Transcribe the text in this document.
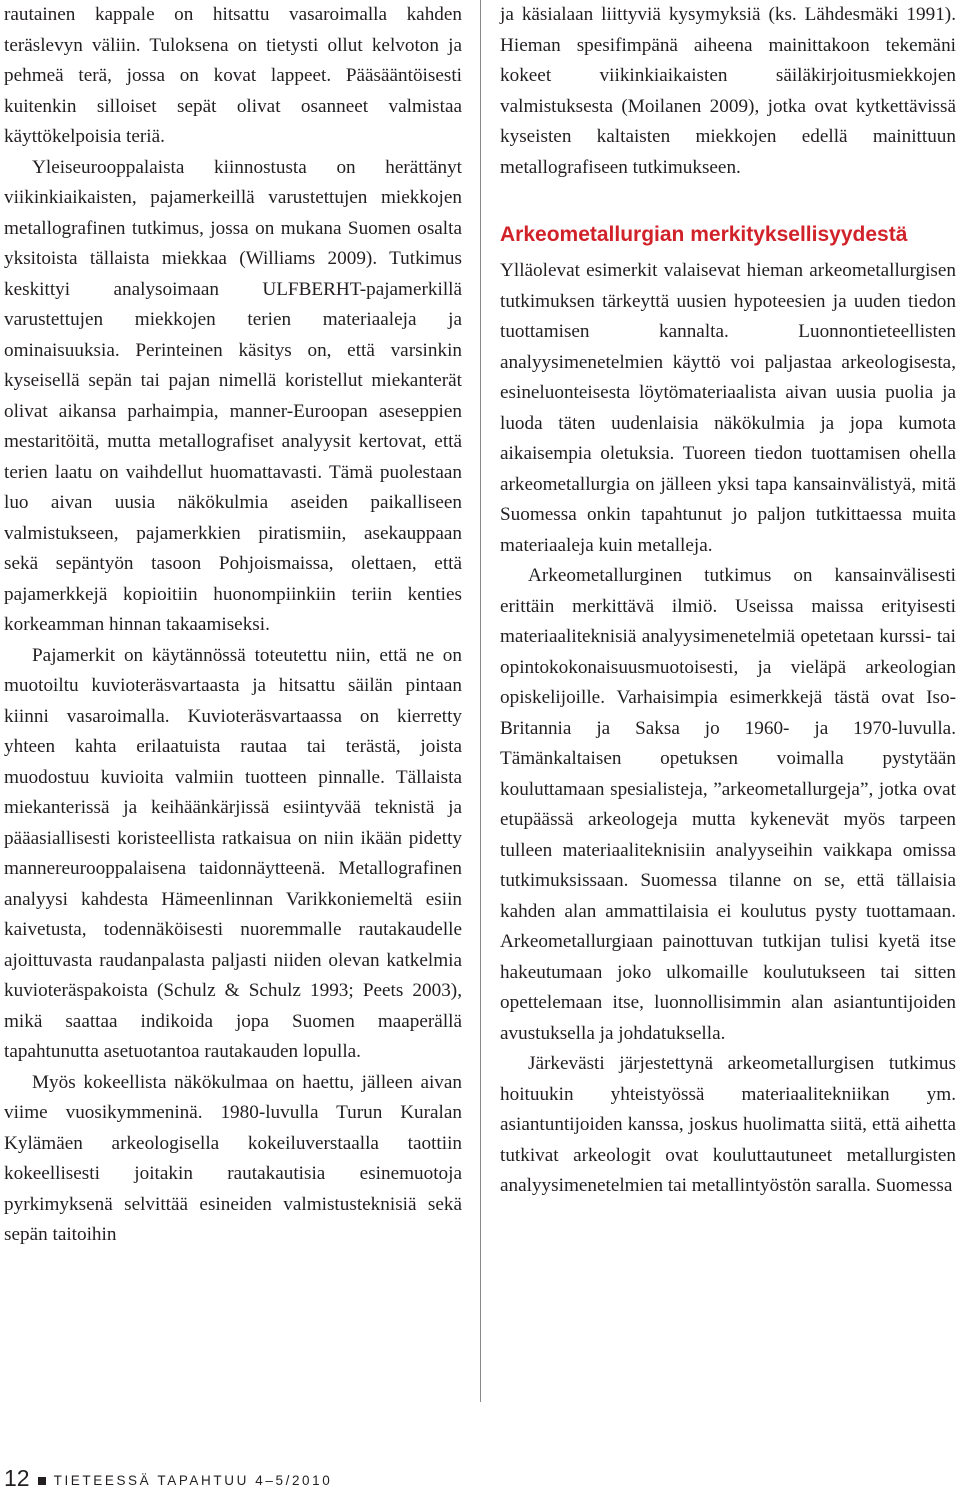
rautainen kappale on hitsattu vasaroimalla kahden teräslevyn väliin. Tuloksena on tietysti ollut kelvoton ja pehmeä terä, jossa on kovat lappeet. Pääsääntöisesti kuitenkin silloiset sepät olivat osanneet valmistaa käyttökelpoisia teriä.

Yleiseurooppalaista kiinnostusta on herättänyt viikinkiaikaisten, pajamerkeillä varustettujen miekkojen metallografinen tutkimus, jossa on mukana Suomen osalta yksitoista tällaista miekkaa (Williams 2009). Tutkimus keskittyi analysoimaan ULFBERHT-pajamerkillä varustettujen miekkojen terien materiaaleja ja ominaisuuksia. Perinteinen käsitys on, että varsinkin kyseisellä sepän tai pajan nimellä koristellut miekanterät olivat aikansa parhaimpia, manner-Euroopan aseseppien mestaritöitä, mutta metallografiset analyysit kertovat, että terien laatu on vaihdellut huomattavasti. Tämä puolestaan luo aivan uusia näkökulmia aseiden paikalliseen valmistukseen, pajamerkkien piratismiin, asekauppaan sekä sepäntyön tasoon Pohjoismaissa, olettaen, että pajamerkkejä kopioitiin huonompiinkiin teriin kenties korkeamman hinnan takaamiseksi.

Pajamerkit on käytännössä toteutettu niin, että ne on muotoiltu kuvioteräsvartaasta ja hitsattu säilän pintaan kiinni vasaroimalla. Kuvioteräsvartaassa on kierretty yhteen kahta erilaatuista rautaa tai terästä, joista muodostuu kuvioita valmiin tuotteen pinnalle. Tällaista miekanterissä ja keihäänkärjissä esiintyvää teknistä ja pääasiallisesti koristeellista ratkaisua on niin ikään pidetty mannereurooppalaisena taidonnäytteenä. Metallografinen analyysi kahdesta Hämeenlinnan Varikkoniemeltä esiin kaivetusta, todennäköisesti nuoremmalle rautakaudelle ajoittuvasta raudanpalasta paljasti niiden olevan katkelmia kuvioteräspakoista (Schulz & Schulz 1993; Peets 2003), mikä saattaa indikoida jopa Suomen maaperällä tapahtunutta asetuotantoa rautakauden lopulla.

Myös kokeellista näkökulmaa on haettu, jälleen aivan viime vuosikymmeninä. 1980-luvulla Turun Kuralan Kylämäen arkeologisella kokeiluverstaalla taottiin kokeellisesti joitakin rautakautisia esinemuotoja pyrkimyksenä selvittää esineiden valmistusteknisiä sekä sepän taitoihin

ja käsialaan liittyviä kysymyksiä (ks. Lähdesmäki 1991). Hieman spesifimpänä aiheena mainittakoon tekemäni kokeet viikinkiaikaisten säiläkirjoitusmiekkojen valmistuksesta (Moilanen 2009), jotka ovat kytkettävissä kyseisten kaltaisten miekkojen edellä mainittuun metallografiseen tutkimukseen.

Arkeometallurgian merkityksellisyydestä

Ylläolevat esimerkit valaisevat hieman arkeometallurgisen tutkimuksen tärkeyttä uusien hypoteesien ja uuden tiedon tuottamisen kannalta. Luonnontieteellisten analyysimenetelmien käyttö voi paljastaa arkeologisesta, esineluonteisesta löytömateriaalista aivan uusia puolia ja luoda täten uudenlaisia näkökulmia ja jopa kumota aikaisempia oletuksia. Tuoreen tiedon tuottamisen ohella arkeometallurgia on jälleen yksi tapa kansainvälistyä, mitä Suomessa onkin tapahtunut jo paljon tutkittaessa muita materiaaleja kuin metalleja.

Arkeometallurginen tutkimus on kansainvälisesti erittäin merkittävä ilmiö. Useissa maissa erityisesti materiaaliteknisiä analyysimenetelmiä opetetaan kurssi- tai opintokokonaisuusmuotoisesti, ja vieläpä arkeologian opiskelijoille. Varhaisimpia esimerkkejä tästä ovat Iso-Britannia ja Saksa jo 1960- ja 1970-luvulla. Tämänkaltaisen opetuksen voimalla pystytään kouluttamaan spesialisteja, ”arkeometallurgeja”, jotka ovat etupäässä arkeologeja mutta kykenevät myös tarpeen tulleen materiaaliteknisiin analyyseihin vaikkapa omissa tutkimuksissaan. Suomessa tilanne on se, että tällaisia kahden alan ammattilaisia ei koulutus pysty tuottamaan. Arkeometallurgiaan painottuvan tutkijan tulisi kyetä itse hakeutumaan joko ulkomaille koulutukseen tai sitten opettelemaan itse, luonnollisimmin alan asiantuntijoiden avustuksella ja johdatuksella.

Järkevästi järjestettynä arkeometallurgisen tutkimus hoituukin yhteistyössä materiaalitekniikan ym. asiantuntijoiden kanssa, joskus huolimatta siitä, että aihetta tutkivat arkeologit ovat kouluttautuneet metallurgisten analyysimenetelmien tai metallintyöstön saralla. Suomessa

12 TIETEESSÄ TAPAHTUU 4–5/2010
